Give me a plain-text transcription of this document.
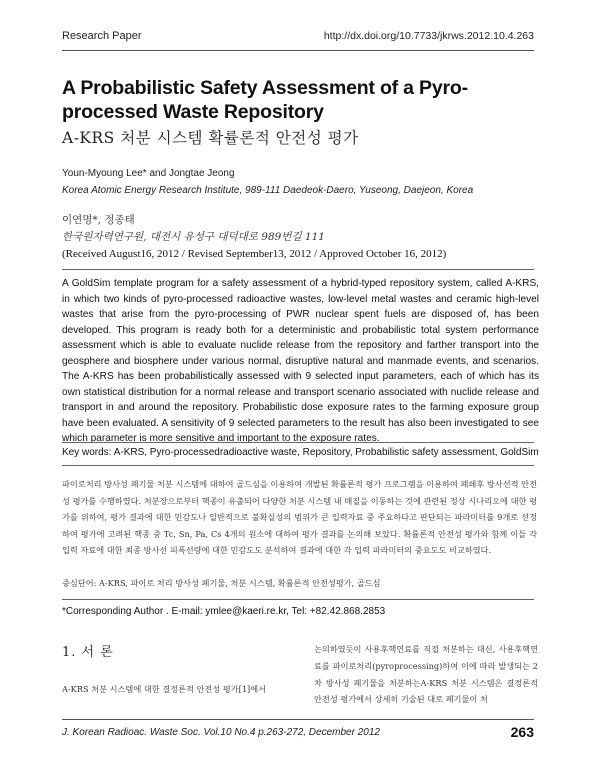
Research Paper	http://dx.doi.org/10.7733/jkrws.2012.10.4.263
A Probabilistic Safety Assessment of a Pyro-processed Waste Repository
A-KRS 처분 시스템 확률론적 안전성 평가
Youn-Myoung Lee* and Jongtae Jeong
Korea Atomic Energy Research Institute, 989-111 Daedeok-Daero, Yuseong, Daejeon, Korea
이연명*, 정종태
한국원자력연구원, 대전시 유성구 대덕대로 989번길 111
(Received August16, 2012 / Revised September13, 2012 / Approved October 16, 2012)
A GoldSim template program for a safety assessment of a hybrid-typed repository system, called A-KRS, in which two kinds of pyro-processed radioactive wastes, low-level metal wastes and ceramic high-level wastes that arise from the pyro-processing of PWR nuclear spent fuels are disposed of, has been developed. This program is ready both for a deterministic and probabilistic total system performance assessment which is able to evaluate nuclide release from the repository and farther transport into the geosphere and biosphere under various normal, disruptive natural and manmade events, and scenarios. The A-KRS has been probabilistically assessed with 9 selected input parameters, each of which has its own statistical distribution for a normal release and transport scenario associated with nuclide release and transport in and around the repository. Probabilistic dose exposure rates to the farming exposure group have been evaluated. A sensitivity of 9 selected parameters to the result has also been investigated to see which parameter is more sensitive and important to the exposure rates.
Key words: A-KRS, Pyro-processedradioactive waste, Repository, Probabilistic safety assessment, GoldSim
파이로처리 방사성 폐기물 처분 시스템에 대하여 골드심을 이용하여 개발된 확률론적 평가 프로그램을 이용하여 폐쇄후 방사선적 안전성 평가를 수행하였다. 처분장으로부터 핵종이 유출되어 다양한 처분 시스템 내 매질을 이동하는 것에 관련된 정상 시나리오에 대한 평가를 위하여, 평가 결과에 대한 민감도나 일반적으로 불확실성의 범위가 큰 입력자료 중 주요하다고 판단되는 파라미터를 9개로 선정하여 평가에 고려된 핵종 중 Tc, Sn, Pa, Cs 4개의 원소에 대하여 평가 결과를 논의해 보았다. 확률론적 안전성 평가와 함께 이들 각 입력 자료에 대한 최종 방사선 피폭선량에 대한 민감도도 분석하여 결과에 대한 각 입력 파라미터의 중요도도 비교하였다.
중심단어: A-KRS, 파이로 처리 방사성 폐기물, 처분 시스템, 확률론적 안전성평가, 골드심
*Corresponding Author . E-mail: ymlee@kaeri.re.kr, Tel: +82.42.868.2853
1. 서 론
A-KRS 처분 시스템에 대한 결정론적 안전성 평가[1]에서
논의하였듯이 사용후핵연료를 직접 처분하는 대신, 사용후핵연료를 파이로처리(pyroprocessing)하여 이에 따라 발생되는 2차 방사성 폐기물을 처분하는A-KRS 처분 시스템은 결정론적 안전성 평가에서 상세히 기술된 대로 폐기물이 처
J. Korean Radioac. Waste Soc. Vol.10 No.4 p.263-272, December 2012	263
